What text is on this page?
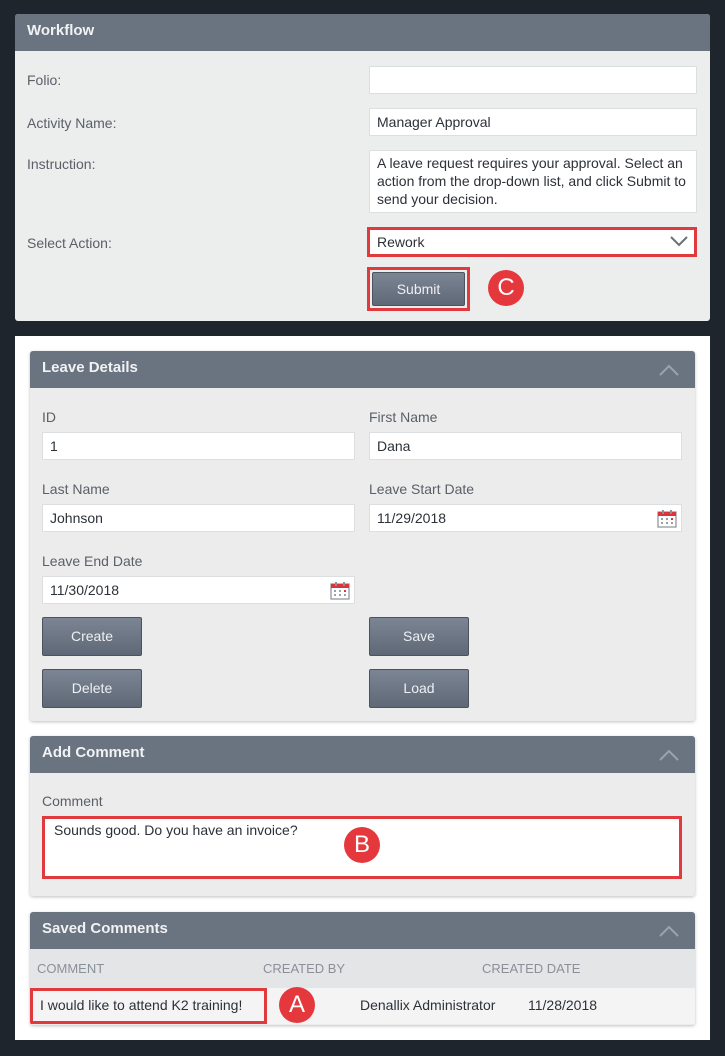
Workflow
Folio:
Activity Name:	Manager Approval
Instruction:	A leave request requires your approval. Select an action from the drop-down list, and click Submit to send your decision.
Select Action:	Rework
Submit	C
Leave Details
ID
1
First Name
Dana
Last Name
Johnson
Leave Start Date
11/29/2018
Leave End Date
11/30/2018
Create	Save
Delete	Load
Add Comment
Comment
Sounds good. Do you have an invoice?
B
Saved Comments
COMMENT	CREATED BY	CREATED DATE
I would like to attend K2 training!	Denallix Administrator 11/28/2018
A
